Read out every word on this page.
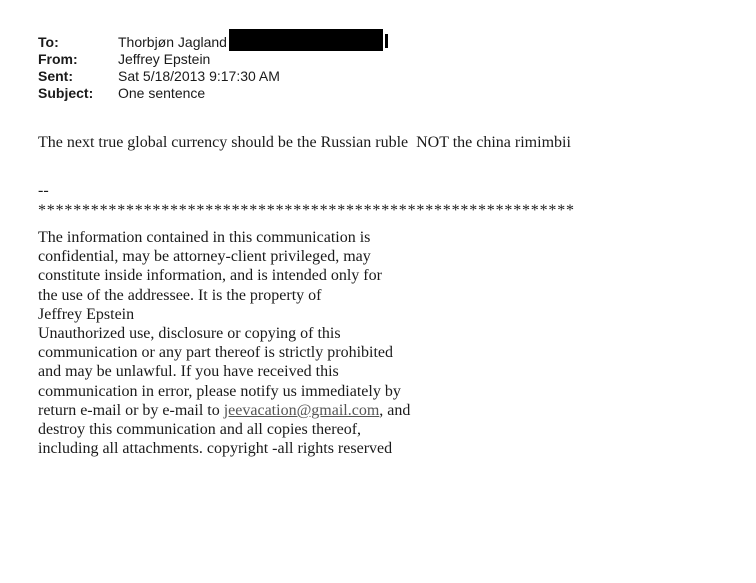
To:	Thorbjøn Jagland
From:	Jeffrey Epstein
Sent:	Sat 5/18/2013 9:17:30 AM
Subject:	One sentence
The next true global currency should be the Russian ruble  NOT the china rimimbii
--
*************************************************************
The information contained in this communication is
confidential, may be attorney-client privileged, may
constitute inside information, and is intended only for
the use of the addressee. It is the property of
Jeffrey Epstein
Unauthorized use, disclosure or copying of this
communication or any part thereof is strictly prohibited
and may be unlawful. If you have received this
communication in error, please notify us immediately by
return e-mail or by e-mail to jeevacation@gmail.com, and
destroy this communication and all copies thereof,
including all attachments. copyright -all rights reserved
